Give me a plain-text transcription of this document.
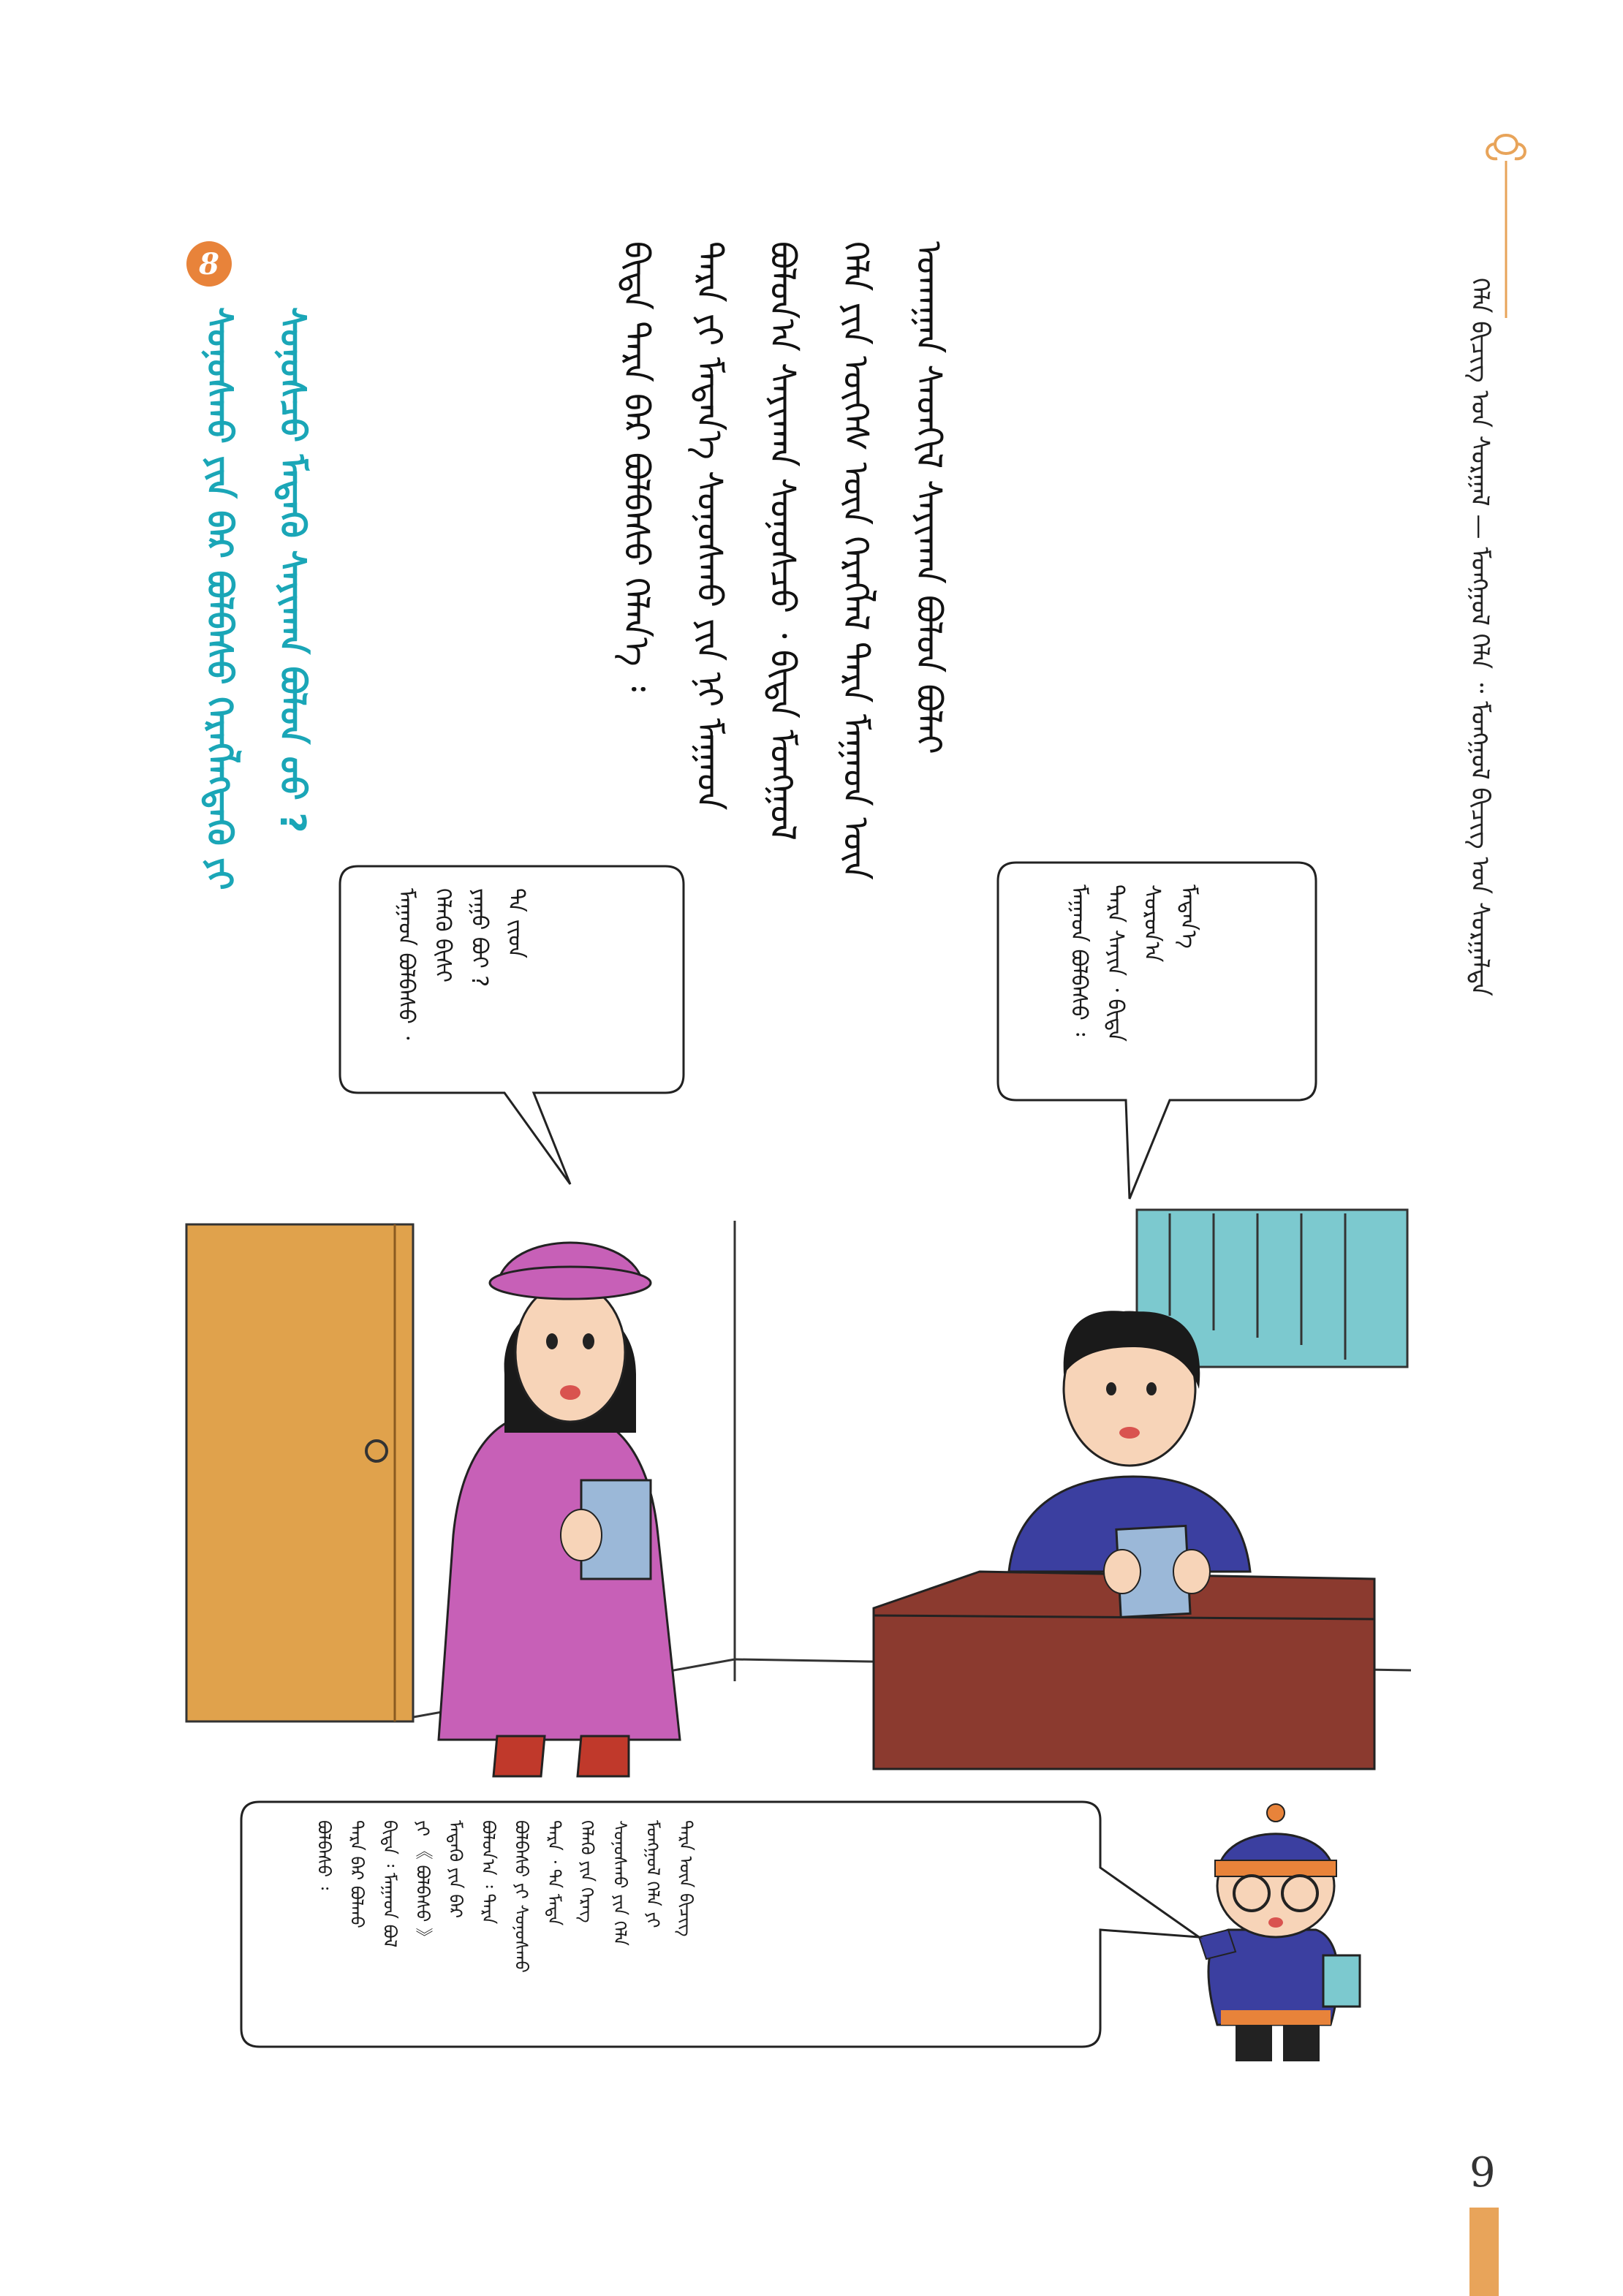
ᠬᠡᠯᠡ ᠪᠢᠴᠢᠭ ᠤᠨ ᠰᠤᠷᠭᠠᠯ — ᠮᠤᠩᠭᠤᠯ ᠬᠡᠯᠡ ᠃ ᠮᠤᠩᠭᠤᠯ ᠪᠢᠴᠢᠭ ᠤᠨ ᠰᠤᠷᠭᠠᠯᠲᠠ
ᠪᠢᠳᠡ ᠲᠡᠷᠡ ᠪᠠᠷ ᠪᠣᠯᠪᠠᠰᠤ ᠬᠡᠯᠡᠨ᠎ᠡ ᠄ ᠲᠡᠷᠡ ᠶᠢ ᠮᠡᠳᠡᠨ᠎ᠡ ᠰᠣᠨᠣᠰᠬᠤ ᠶᠢᠨ ᠨᠢ ᠮᠠᠭᠠᠳ ᠪᠣᠯᠤᠨ᠎ᠠ ᠰᠠᠶᠢᠬᠠᠨ ᠰᠣᠨᠣᠰᠴᠤ ᠂ ᠪᠢᠳᠡ ᠮᠣᠩᠭᠣᠯ ᠬᠡᠯᠡ ᠶᠢᠨ ᠦᠭᠡᠰ ᠦᠨ ᠬᠡᠷᠡᠭᠯᠡᠯ ᠲᠡᠷᠡ ᠮᠠᠭᠠᠳ ᠦᠨ ᠤᠬᠠᠭᠠᠨ ᠰᠡᠳᠭᠢᠯ ᠰᠠᠶᠢᠬᠠᠨ ᠪᠣᠯᠤᠨ ᠪᠣᠯᠠᠢ
8
ᠰᠣᠨᠣᠰᠬᠤ ᠶᠢᠨ ᠪᠠᠷ ᠪᠣᠯᠪᠠᠰᠤ ᠬᠡᠷᠡᠭᠯᠡᠭᠳᠡᠬᠦ ᠶᠢ ᠰᠣᠨᠣᠰᠴᠤ ᠮᠡᠳᠡᠬᠦ ᠰᠠᠶᠢᠬᠠᠨ ᠪᠣᠯᠤᠨ ᠤᠤ ?
ᠮᠠᠭᠠᠳ ᠪᠣᠯᠪᠠᠰᠤ ᠂ ᠬᠡᠯᠡᠬᠦ ᠪᠢᠰᠢ ᠶᠠᠭᠤ ᠪᠤᠢ ? ᠲᠠ ᠵᠢᠳ	ᠮᠠᠭᠠᠳ ᠪᠣᠯᠪᠠᠰᠤ ᠄ ᠲᠡᠷᠡ ᠰᠠᠶᠢᠨ ᠂ ᠪᠢᠳᠡ ᠰᠤᠷᠤᠨ᠎ᠠ ᠮᠡᠳᠡᠨ᠎ᠡ
ᠪᠣᠯᠪᠠᠰᠤ ᠄ ᠲᠡᠷᠡ ᠪᠠᠷ ᠪᠣᠯᠬᠤ ᠪᠢᠳᠡ ᠄ ᠮᠠᠭᠠᠳ ᠪᠣᠯ ᠶᠢ 《 ᠪᠣᠯᠪᠠᠰᠤ 》 ᠮᠡᠳᠡᠬᠦ ᠶᠢᠨ ᠪᠠᠷ ᠪᠣᠯᠤᠨ᠎ᠠ ᠄ ᠲᠡᠷᠡ ᠪᠣᠯᠪᠠᠰᠤ ᠶᠢ ᠰᠣᠨᠣᠰᠬᠤ ᠲᠡᠷᠡ ᠂ ᠲᠠ ᠮᠡᠳᠡ ᠬᠡᠯᠡᠬᠦ ᠶᠢᠨ ᠬᠡᠷᠡᠭ ᠰᠣᠨᠣᠰᠬᠤ ᠶᠢᠨ ᠬᠡᠯᠡ ᠮᠣᠩᠭᠣᠯ ᠬᠡᠯᠡ ᠶᠢ ᠲᠡᠷᠡ ᠦᠨ ᠪᠢᠴᠢᠭ
9
